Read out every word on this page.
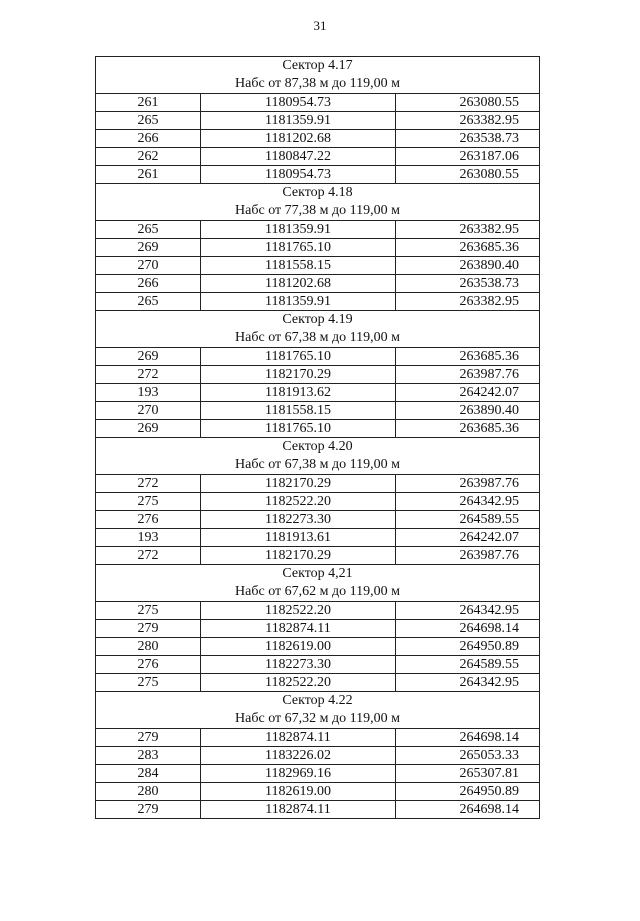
31
Сектор 4.17		
Набс от 87,38 м до 119,00 м		
261	1180954.73	263080.55
265	1181359.91	263382.95
266	1181202.68	263538.73
262	1180847.22	263187.06
261	1180954.73	263080.55
Сектор 4.18		
Набс от 77,38 м до 119,00 м		
265	1181359.91	263382.95
269	1181765.10	263685.36
270	1181558.15	263890.40
266	1181202.68	263538.73
265	1181359.91	263382.95
Сектор 4.19		
Набс от 67,38 м до 119,00 м		
269	1181765.10	263685.36
272	1182170.29	263987.76
193	1181913.62	264242.07
270	1181558.15	263890.40
269	1181765.10	263685.36
Сектор 4.20		
Набс от 67,38 м до 119,00 м		
272	1182170.29	263987.76
275	1182522.20	264342.95
276	1182273.30	264589.55
193	1181913.61	264242.07
272	1182170.29	263987.76
Сектор 4,21		
Набс от 67,62 м до 119,00 м		
275	1182522.20	264342.95
279	1182874.11	264698.14
280	1182619.00	264950.89
276	1182273.30	264589.55
275	1182522.20	264342.95
Сектор 4.22		
Набс от 67,32 м до 119,00 м		
279	1182874.11	264698.14
283	1183226.02	265053.33
284	1182969.16	265307.81
280	1182619.00	264950.89
279	1182874.11	264698.14
